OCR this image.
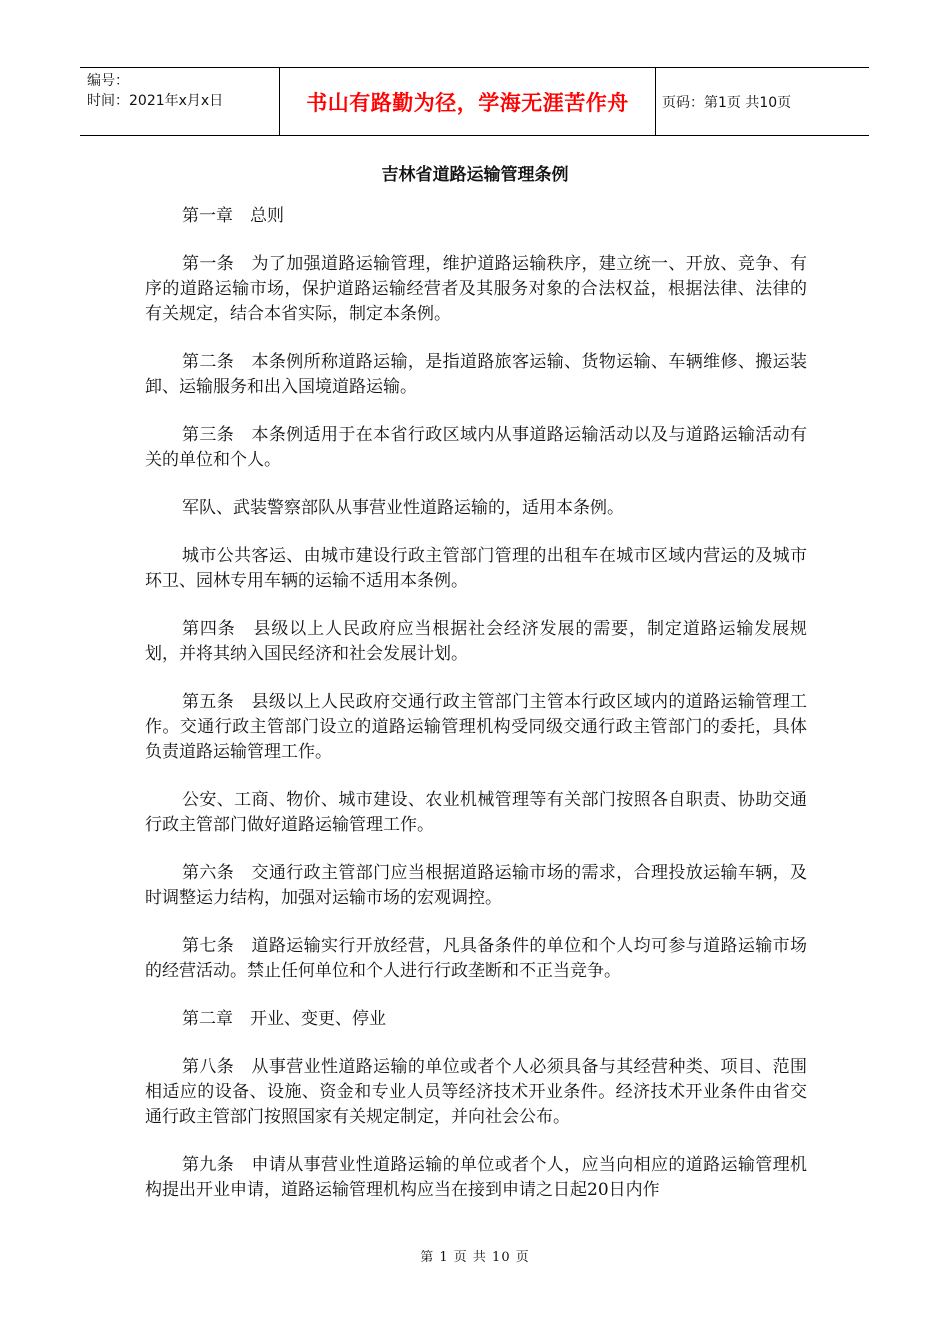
编号：
时间：2021年x月x日	书山有路勤为径，学海无涯苦作舟 页码：第1页 共10页
吉林省道路运输管理条例

第一章　总则

第一条　为了加强道路运输管理，维护道路运输秩序，建立统一、开放、竞争、有序的道路运输市场，保护道路运输经营者及其服务对象的合法权益，根据法律、法律的有关规定，结合本省实际，制定本条例。

第二条　本条例所称道路运输，是指道路旅客运输、货物运输、车辆维修、搬运装卸、运输服务和出入国境道路运输。

第三条　本条例适用于在本省行政区域内从事道路运输活动以及与道路运输活动有关的单位和个人。

军队、武装警察部队从事营业性道路运输的，适用本条例。

城市公共客运、由城市建设行政主管部门管理的出租车在城市区域内营运的及城市环卫、园林专用车辆的运输不适用本条例。

第四条　县级以上人民政府应当根据社会经济发展的需要，制定道路运输发展规划，并将其纳入国民经济和社会发展计划。

第五条　县级以上人民政府交通行政主管部门主管本行政区域内的道路运输管理工作。交通行政主管部门设立的道路运输管理机构受同级交通行政主管部门的委托，具体负责道路运输管理工作。

公安、工商、物价、城市建设、农业机械管理等有关部门按照各自职责、协助交通行政主管部门做好道路运输管理工作。

第六条　交通行政主管部门应当根据道路运输市场的需求，合理投放运输车辆，及时调整运力结构，加强对运输市场的宏观调控。

第七条　道路运输实行开放经营，凡具备条件的单位和个人均可参与道路运输市场的经营活动。禁止任何单位和个人进行行政垄断和不正当竞争。

第二章　开业、变更、停业

第八条　从事营业性道路运输的单位或者个人必须具备与其经营种类、项目、范围相适应的设备、设施、资金和专业人员等经济技术开业条件。经济技术开业条件由省交通行政主管部门按照国家有关规定制定，并向社会公布。

第九条　申请从事营业性道路运输的单位或者个人，应当向相应的道路运输管理机构提出开业申请，道路运输管理机构应当在接到申请之日起20日内作

第 1 页 共 10 页
